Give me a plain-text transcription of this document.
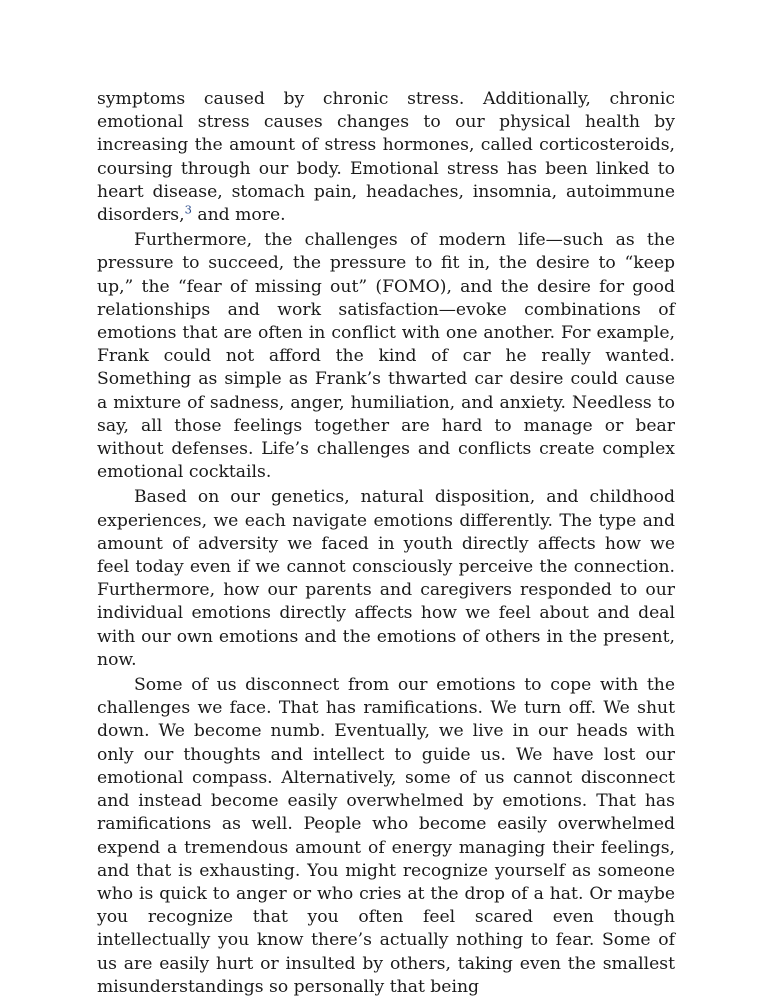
symptoms caused by chronic stress. Additionally, chronic emotional stress causes changes to our physical health by increasing the amount of stress hormones, called corticosteroids, coursing through our body. Emotional stress has been linked to heart disease, stomach pain, headaches, insomnia, autoimmune disorders,$^3$ and more.

Furthermore, the challenges of modern life—such as the pressure to succeed, the pressure to fit in, the desire to “keep up,” the “fear of missing out” (FOMO), and the desire for good relationships and work satisfaction—evoke combinations of emotions that are often in conflict with one another. For example, Frank could not afford the kind of car he really wanted. Something as simple as Frank’s thwarted car desire could cause a mixture of sadness, anger, humiliation, and anxiety. Needless to say, all those feelings together are hard to manage or bear without defenses. Life’s challenges and conflicts create complex emotional cocktails.

Based on our genetics, natural disposition, and childhood experiences, we each navigate emotions differently. The type and amount of adversity we faced in youth directly affects how we feel today even if we cannot consciously perceive the connection. Furthermore, how our parents and caregivers responded to our individual emotions directly affects how we feel about and deal with our own emotions and the emotions of others in the present, now.

Some of us disconnect from our emotions to cope with the challenges we face. That has ramifications. We turn off. We shut down. We become numb. Eventually, we live in our heads with only our thoughts and intellect to guide us. We have lost our emotional compass. Alternatively, some of us cannot disconnect and instead become easily overwhelmed by emotions. That has ramifications as well. People who become easily overwhelmed expend a tremendous amount of energy managing their feelings, and that is exhausting. You might recognize yourself as someone who is quick to anger or who cries at the drop of a hat. Or maybe you recognize that you often feel scared even though intellectually you know there’s actually nothing to fear. Some of us are easily hurt or insulted by others, taking even the smallest misunderstandings so personally that being
